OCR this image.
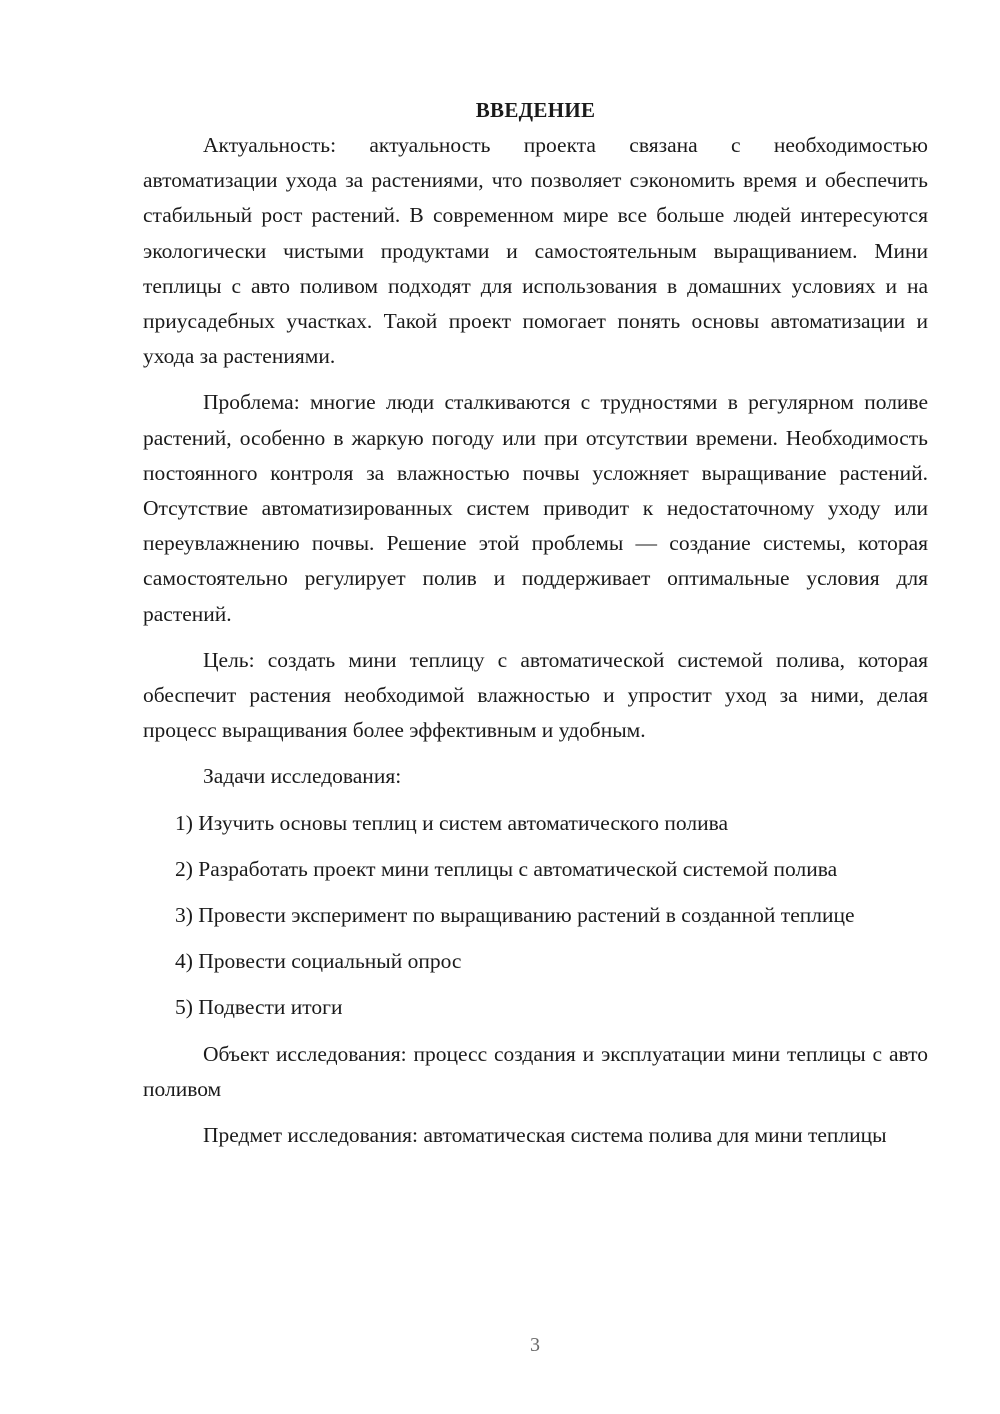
ВВЕДЕНИЕ

Актуальность: актуальность проекта связана с необходимостью автоматизации ухода за растениями, что позволяет сэкономить время и обеспечить стабильный рост растений. В современном мире все больше людей интересуются экологически чистыми продуктами и самостоятельным выращиванием. Мини теплицы с авто поливом подходят для использования в домашних условиях и на приусадебных участках. Такой проект помогает понять основы автоматизации и ухода за растениями.

Проблема: многие люди сталкиваются с трудностями в регулярном поливе растений, особенно в жаркую погоду или при отсутствии времени. Необходимость постоянного контроля за влажностью почвы усложняет выращивание растений. Отсутствие автоматизированных систем приводит к недостаточному уходу или переувлажнению почвы. Решение этой проблемы — создание системы, которая самостоятельно регулирует полив и поддерживает оптимальные условия для растений.

Цель: создать мини теплицу с автоматической системой полива, которая обеспечит растения необходимой влажностью и упростит уход за ними, делая процесс выращивания более эффективным и удобным.

Задачи исследования:

1) Изучить основы теплиц и систем автоматического полива

2) Разработать проект мини теплицы с автоматической системой полива

3) Провести эксперимент по выращиванию растений в созданной теплице

4) Провести социальный опрос

5) Подвести итоги

Объект исследования: процесс создания и эксплуатации мини теплицы с авто поливом

Предмет исследования: автоматическая система полива для мини теплицы

3
